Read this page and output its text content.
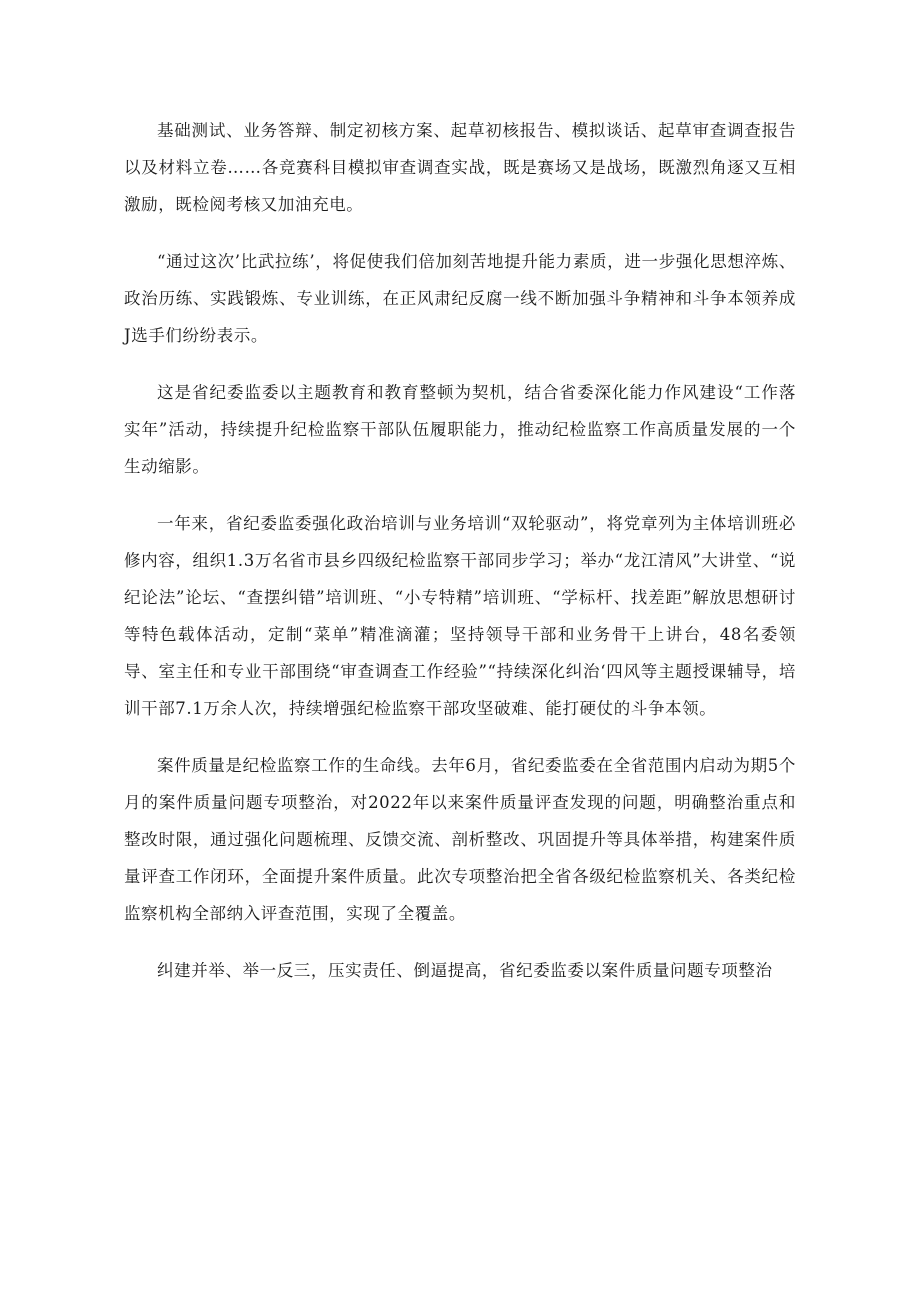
基础测试、业务答辩、制定初核方案、起草初核报告、模拟谈话、起草审查调查报告以及材料立卷……各竞赛科目模拟审查调查实战，既是赛场又是战场，既激烈角逐又互相激励，既检阅考核又加油充电。

“通过这次’比武拉练’，将促使我们倍加刻苦地提升能力素质，进一步强化思想淬炼、政治历练、实践锻炼、专业训练，在正风肃纪反腐一线不断加强斗争精神和斗争本领养成J选手们纷纷表示。

这是省纪委监委以主题教育和教育整顿为契机，结合省委深化能力作风建设“工作落实年”活动，持续提升纪检监察干部队伍履职能力，推动纪检监察工作高质量发展的一个生动缩影。

一年来，省纪委监委强化政治培训与业务培训“双轮驱动”，将党章列为主体培训班必修内容，组织1.3万名省市县乡四级纪检监察干部同步学习；举办“龙江清风”大讲堂、“说纪论法”论坛、“查摆纠错”培训班、“小专特精”培训班、“学标杆、找差距”解放思想研讨等特色载体活动，定制“菜单”精准滴灌；坚持领导干部和业务骨干上讲台，48名委领导、室主任和专业干部围绕“审查调查工作经验”“持续深化纠治‘四风等主题授课辅导，培训干部7.1万余人次，持续增强纪检监察干部攻坚破难、能打硬仗的斗争本领。

案件质量是纪检监察工作的生命线。去年6月，省纪委监委在全省范围内启动为期5个月的案件质量问题专项整治，对2022年以来案件质量评查发现的问题，明确整治重点和整改时限，通过强化问题梳理、反馈交流、剖析整改、巩固提升等具体举措，构建案件质量评查工作闭环，全面提升案件质量。此次专项整治把全省各级纪检监察机关、各类纪检监察机构全部纳入评查范围，实现了全覆盖。

纠建并举、举一反三，压实责任、倒逼提高，省纪委监委以案件质量问题专项整治
